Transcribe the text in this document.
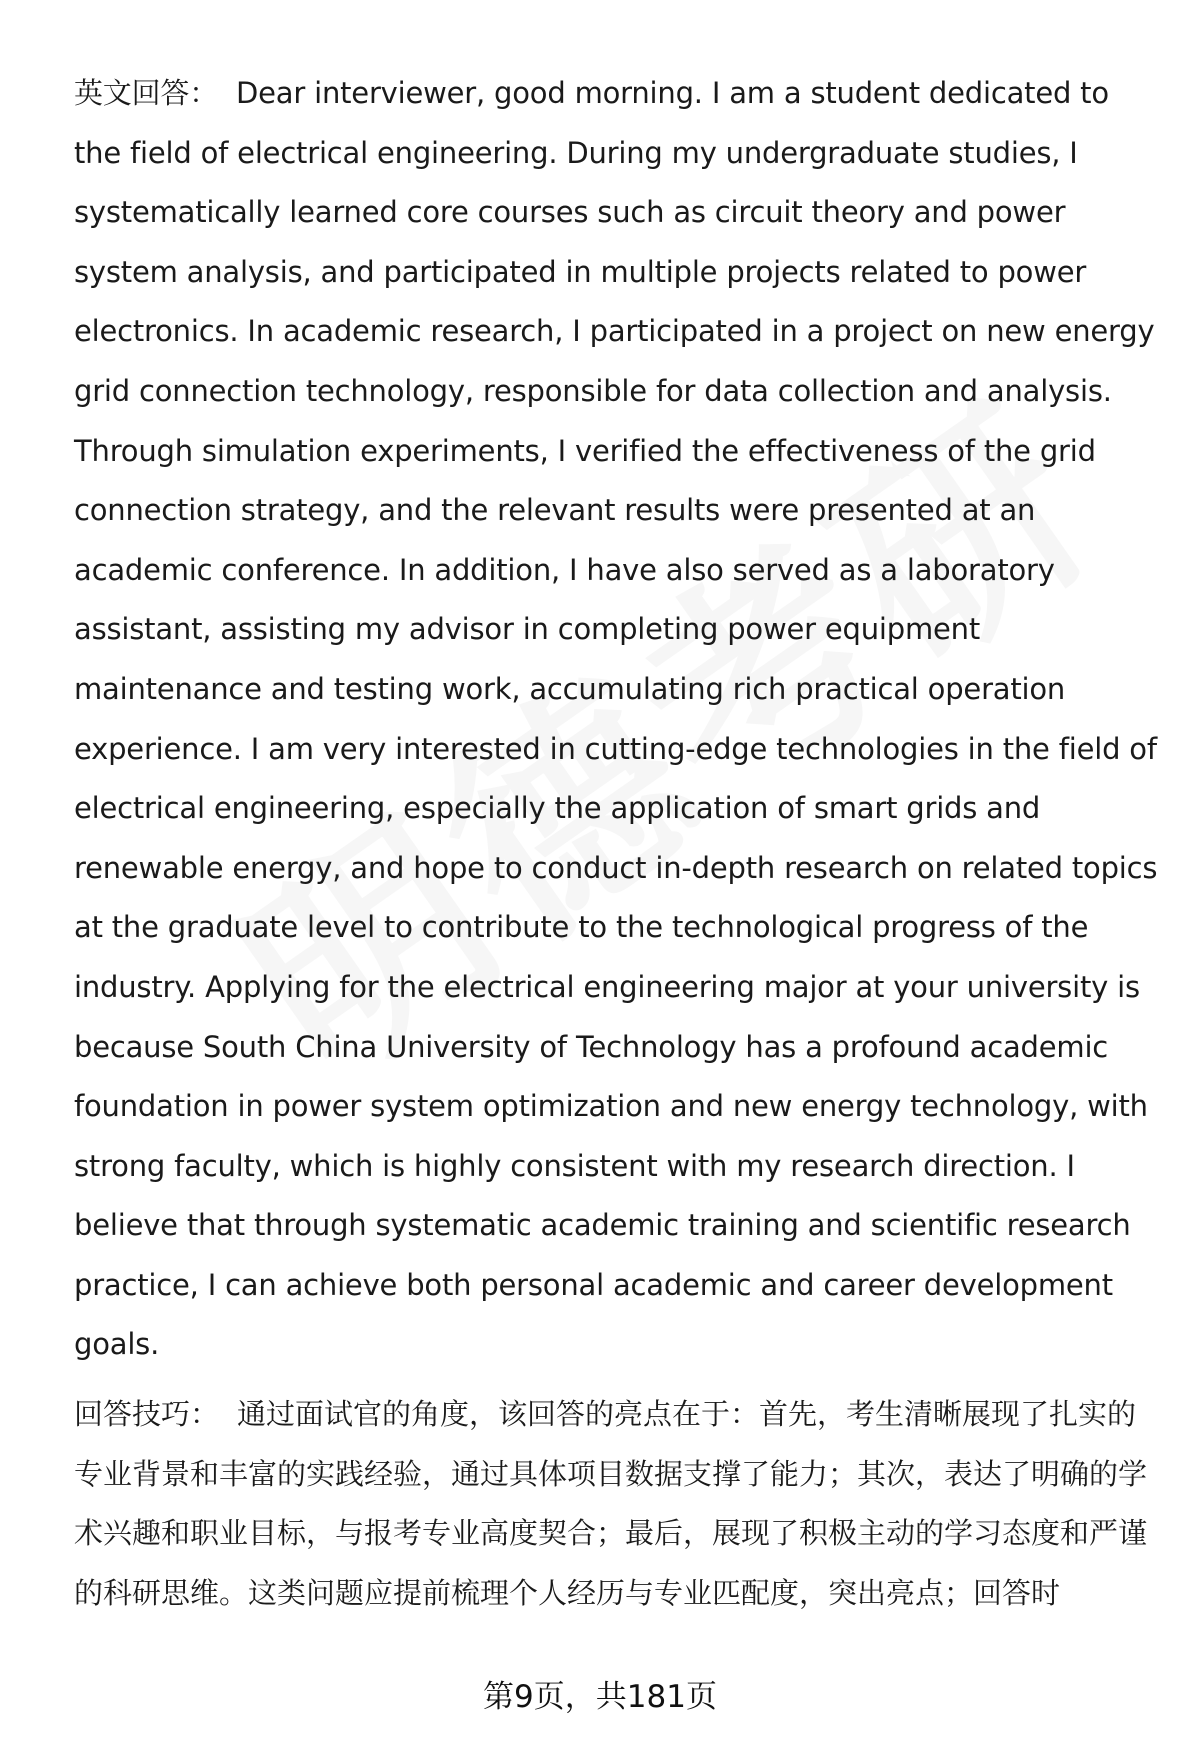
英文回答： Dear interviewer, good morning. I am a student dedicated to the field of electrical engineering. During my undergraduate studies, I systematically learned core courses such as circuit theory and power system analysis, and participated in multiple projects related to power electronics. In academic research, I participated in a project on new energy grid connection technology, responsible for data collection and analysis. Through simulation experiments, I verified the effectiveness of the grid connection strategy, and the relevant results were presented at an academic conference. In addition, I have also served as a laboratory assistant, assisting my advisor in completing power equipment maintenance and testing work, accumulating rich practical operation experience. I am very interested in cutting-edge technologies in the field of electrical engineering, especially the application of smart grids and renewable energy, and hope to conduct in-depth research on related topics at the graduate level to contribute to the technological progress of the industry. Applying for the electrical engineering major at your university is because South China University of Technology has a profound academic foundation in power system optimization and new energy technology, with strong faculty, which is highly consistent with my research direction. I believe that through systematic academic training and scientific research practice, I can achieve both personal academic and career development goals.

回答技巧： 通过面试官的角度，该回答的亮点在于：首先，考生清晰展现了扎实的专业背景和丰富的实践经验，通过具体项目数据支撑了能力；其次，表达了明确的学术兴趣和职业目标，与报考专业高度契合；最后，展现了积极主动的学习态度和严谨的科研思维。这类问题应提前梳理个人经历与专业匹配度，突出亮点；回答时

第9页，共181页
